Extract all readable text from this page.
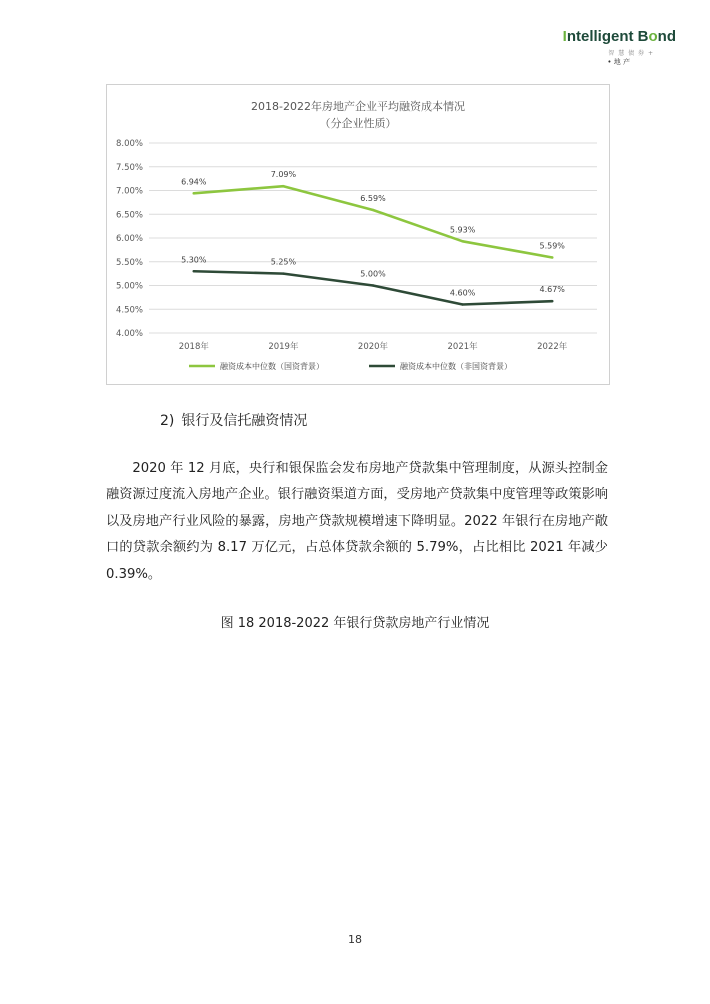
Intelligent Bond
智 慧 债 券 +
• 地 产
2018-2022年房地产企业平均融资成本情况
（分企业性质）
4.00%
4.50%
5.00%
5.50%
6.00%
6.50%
7.00%
7.50%
8.00%
2018年	2019年	2020年	2021年	2022年
6.94%
7.09%
6.59%
5.93%
5.59%
5.30%	5.25%
5.00%
4.60%	4.67%
融资成本中位数（国资背景）	融资成本中位数（非国资背景）
2) 银行及信托融资情况
2020 年 12 月底，央行和银保监会发布房地产贷款集中管理制度，从源头控制金融资源过度流入房地产企业。银行融资渠道方面，受房地产贷款集中度管理等政策影响以及房地产行业风险的暴露，房地产贷款规模增速下降明显。2022 年银行在房地产敞口的贷款余额约为 8.17 万亿元，占总体贷款余额的 5.79%，占比相比 2021 年减少 0.39%。
图 18 2018-2022 年银行贷款房地产行业情况
18
